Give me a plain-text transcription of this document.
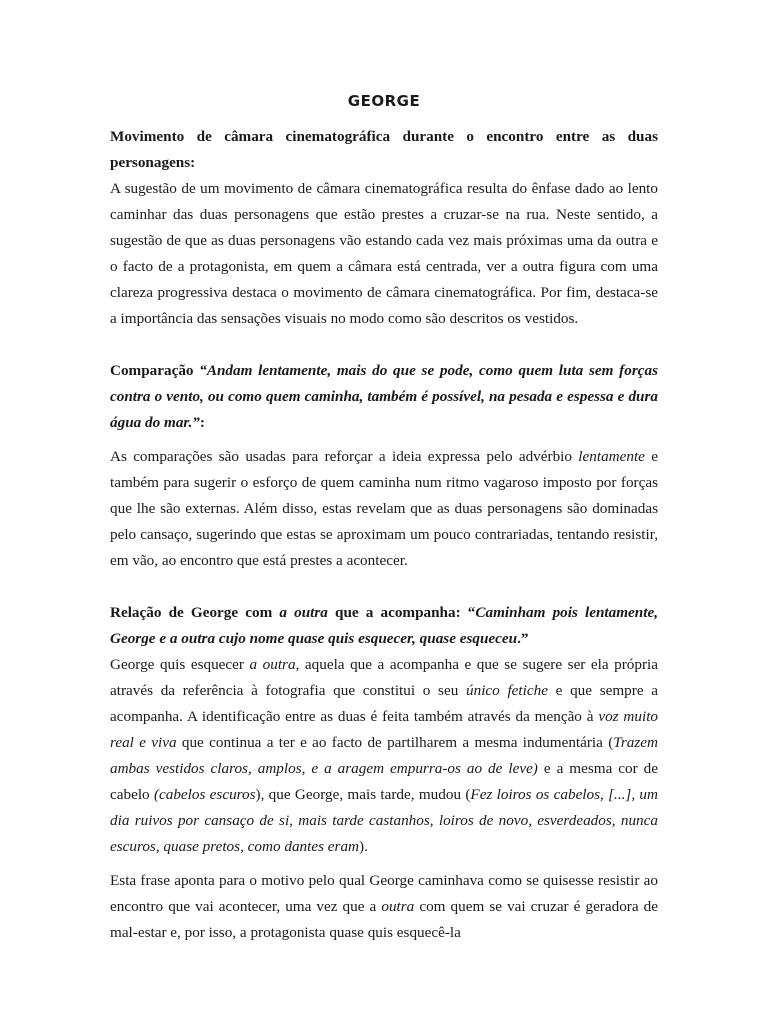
GEORGE

Movimento de câmara cinematográfica durante o encontro entre as duas personagens:

A sugestão de um movimento de câmara cinematográfica resulta do ênfase dado ao lento caminhar das duas personagens que estão prestes a cruzar-se na rua. Neste sentido, a sugestão de que as duas personagens vão estando cada vez mais próximas uma da outra e o facto de a protagonista, em quem a câmara está centrada, ver a outra figura com uma clareza progressiva destaca o movimento de câmara cinematográfica. Por fim, destaca-se a importância das sensações visuais no modo como são descritos os vestidos.

Comparação “Andam lentamente, mais do que se pode, como quem luta sem forças contra o vento, ou como quem caminha, também é possível, na pesada e espessa e dura água do mar.”:

As comparações são usadas para reforçar a ideia expressa pelo advérbio lentamente e também para sugerir o esforço de quem caminha num ritmo vagaroso imposto por forças que lhe são externas. Além disso, estas revelam que as duas personagens são dominadas pelo cansaço, sugerindo que estas se aproximam um pouco contrariadas, tentando resistir, em vão, ao encontro que está prestes a acontecer.

Relação de George com a outra que a acompanha: “Caminham pois lentamente, George e a outra cujo nome quase quis esquecer, quase esqueceu.”

George quis esquecer a outra, aquela que a acompanha e que se sugere ser ela própria através da referência à fotografia que constitui o seu único fetiche e que sempre a acompanha. A identificação entre as duas é feita também através da menção à voz muito real e viva que continua a ter e ao facto de partilharem a mesma indumentária (Trazem ambas vestidos claros, amplos, e a aragem empurra-os ao de leve) e a mesma cor de cabelo (cabelos escuros), que George, mais tarde, mudou (Fez loiros os cabelos, [...], um dia ruivos por cansaço de si, mais tarde castanhos, loiros de novo, esverdeados, nunca escuros, quase pretos, como dantes eram).

Esta frase aponta para o motivo pelo qual George caminhava como se quisesse resistir ao encontro que vai acontecer, uma vez que a outra com quem se vai cruzar é geradora de mal-estar e, por isso, a protagonista quase quis esquecê-la
